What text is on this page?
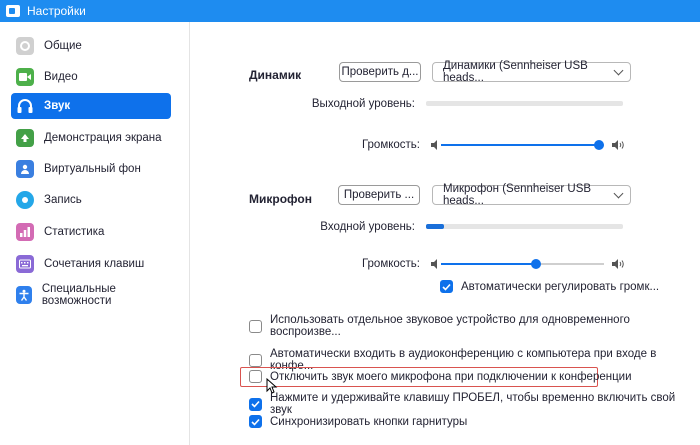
Настройки
Общие
Видео
Звук
Демонстрация экрана
Виртуальный фон
Запись
Статистика
Сочетания клавиш
Специальные возможности
Динамик	Проверить д... Динамики (Sennheiser USB heads...
Выходной уровень:
Громкость:
Микрофон	Проверить ...	Микрофон (Sennheiser USB heads...
Входной уровень:
Громкость:
Автоматически регулировать громк...
Использовать отдельное звуковое устройство для одновременного воспроизве...
Автоматически входить в аудиоконференцию с компьютера при входе в конфе...
Отключить звук моего микрофона при подключении к конференции
Нажмите и удерживайте клавишу ПРОБЕЛ, чтобы временно включить свой звук
Синхронизировать кнопки гарнитуры
